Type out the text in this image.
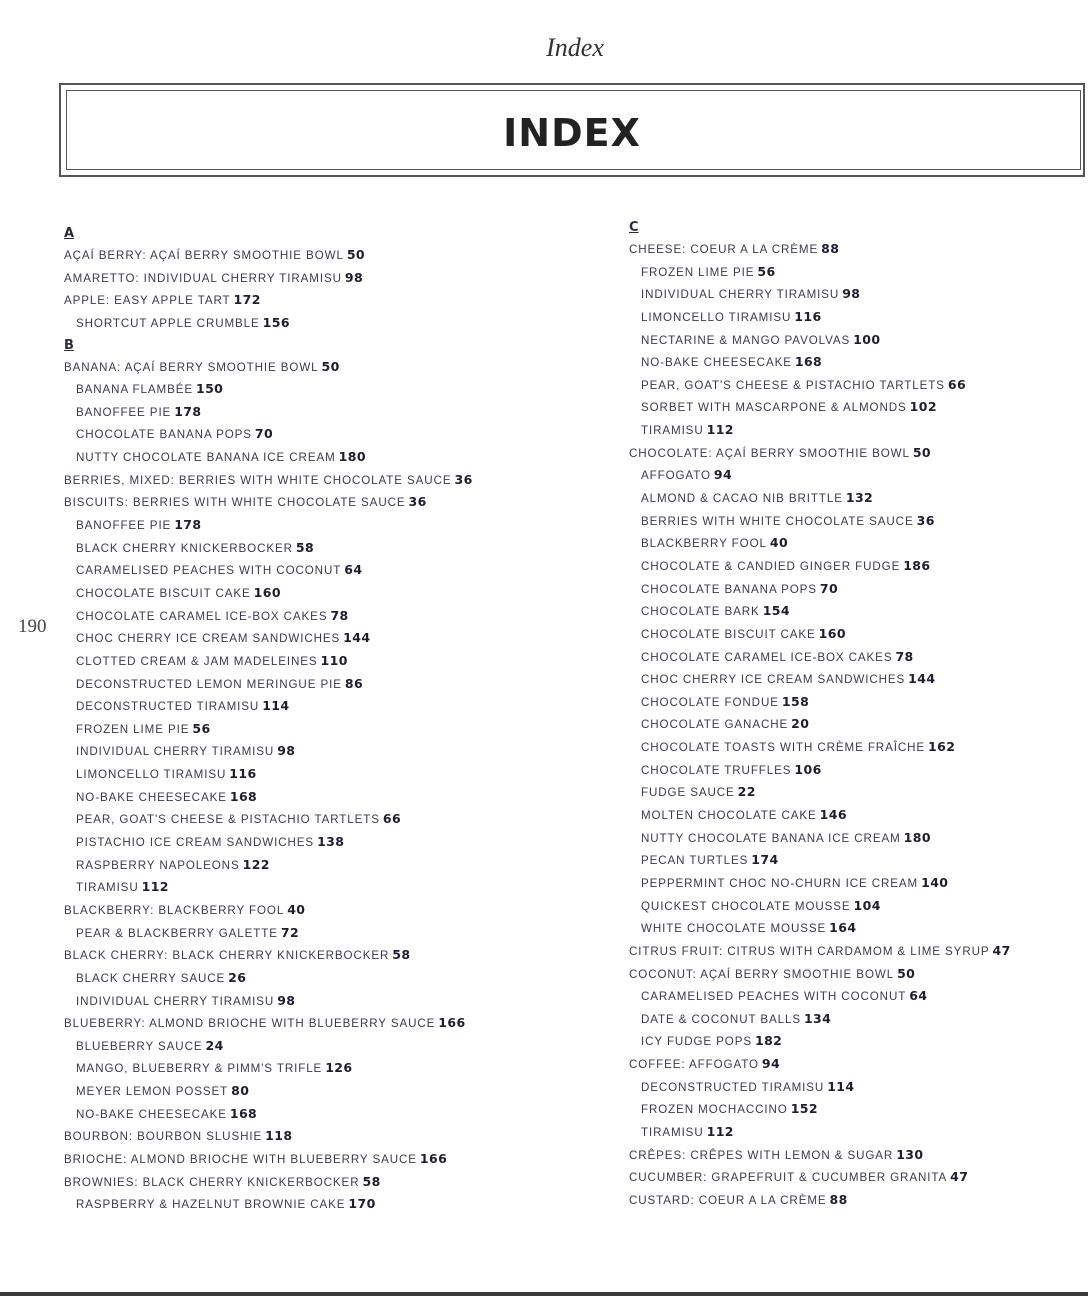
Index
INDEX
190
A
AÇAÍ BERRY: AÇAÍ BERRY SMOOTHIE BOWL 50
AMARETTO: INDIVIDUAL CHERRY TIRAMISU 98
APPLE: EASY APPLE TART 172
SHORTCUT APPLE CRUMBLE 156
B
BANANA: AÇAÍ BERRY SMOOTHIE BOWL 50
BANANA FLAMBÉE 150
BANOFFEE PIE 178
CHOCOLATE BANANA POPS 70
NUTTY CHOCOLATE BANANA ICE CREAM 180
BERRIES, MIXED: BERRIES WITH WHITE CHOCOLATE SAUCE 36
BISCUITS: BERRIES WITH WHITE CHOCOLATE SAUCE 36
BANOFFEE PIE 178
BLACK CHERRY KNICKERBOCKER 58
CARAMELISED PEACHES WITH COCONUT 64
CHOCOLATE BISCUIT CAKE 160
CHOCOLATE CARAMEL ICE-BOX CAKES 78
CHOC CHERRY ICE CREAM SANDWICHES 144
CLOTTED CREAM & JAM MADELEINES 110
DECONSTRUCTED LEMON MERINGUE PIE 86
DECONSTRUCTED TIRAMISU 114
FROZEN LIME PIE 56
INDIVIDUAL CHERRY TIRAMISU 98
LIMONCELLO TIRAMISU 116
NO-BAKE CHEESECAKE 168
PEAR, GOAT'S CHEESE & PISTACHIO TARTLETS 66
PISTACHIO ICE CREAM SANDWICHES 138
RASPBERRY NAPOLEONS 122
TIRAMISU 112
BLACKBERRY: BLACKBERRY FOOL 40
PEAR & BLACKBERRY GALETTE 72
BLACK CHERRY: BLACK CHERRY KNICKERBOCKER 58
BLACK CHERRY SAUCE 26
INDIVIDUAL CHERRY TIRAMISU 98
BLUEBERRY: ALMOND BRIOCHE WITH BLUEBERRY SAUCE 166
BLUEBERRY SAUCE 24
MANGO, BLUEBERRY & PIMM'S TRIFLE 126
MEYER LEMON POSSET 80
NO-BAKE CHEESECAKE 168
BOURBON: BOURBON SLUSHIE 118
BRIOCHE: ALMOND BRIOCHE WITH BLUEBERRY SAUCE 166
BROWNIES: BLACK CHERRY KNICKERBOCKER 58
RASPBERRY & HAZELNUT BROWNIE CAKE 170
C
CHEESE: COEUR A LA CRÈME 88
FROZEN LIME PIE 56
INDIVIDUAL CHERRY TIRAMISU 98
LIMONCELLO TIRAMISU 116
NECTARINE & MANGO PAVOLVAS 100
NO-BAKE CHEESECAKE 168
PEAR, GOAT'S CHEESE & PISTACHIO TARTLETS 66
SORBET WITH MASCARPONE & ALMONDS 102
TIRAMISU 112
CHOCOLATE: AÇAÍ BERRY SMOOTHIE BOWL 50
AFFOGATO 94
ALMOND & CACAO NIB BRITTLE 132
BERRIES WITH WHITE CHOCOLATE SAUCE 36
BLACKBERRY FOOL 40
CHOCOLATE & CANDIED GINGER FUDGE 186
CHOCOLATE BANANA POPS 70
CHOCOLATE BARK 154
CHOCOLATE BISCUIT CAKE 160
CHOCOLATE CARAMEL ICE-BOX CAKES 78
CHOC CHERRY ICE CREAM SANDWICHES 144
CHOCOLATE FONDUE 158
CHOCOLATE GANACHE 20
CHOCOLATE TOASTS WITH CRÈME FRAÎCHE 162
CHOCOLATE TRUFFLES 106
FUDGE SAUCE 22
MOLTEN CHOCOLATE CAKE 146
NUTTY CHOCOLATE BANANA ICE CREAM 180
PECAN TURTLES 174
PEPPERMINT CHOC NO-CHURN ICE CREAM 140
QUICKEST CHOCOLATE MOUSSE 104
WHITE CHOCOLATE MOUSSE 164
CITRUS FRUIT: CITRUS WITH CARDAMOM & LIME SYRUP 47
COCONUT: AÇAÍ BERRY SMOOTHIE BOWL 50
CARAMELISED PEACHES WITH COCONUT 64
DATE & COCONUT BALLS 134
ICY FUDGE POPS 182
COFFEE: AFFOGATO 94
DECONSTRUCTED TIRAMISU 114
FROZEN MOCHACCINO 152
TIRAMISU 112
CRÊPES: CRÊPES WITH LEMON & SUGAR 130
CUCUMBER: GRAPEFRUIT & CUCUMBER GRANITA 47
CUSTARD: COEUR A LA CRÈME 88
